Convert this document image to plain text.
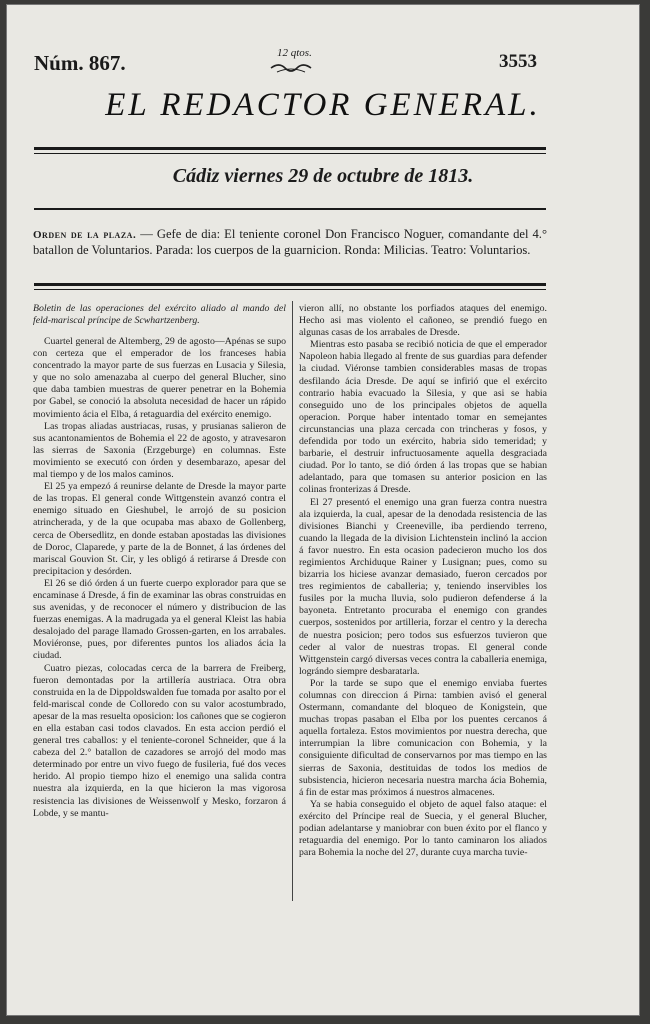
Núm. 867.	12 qtos.	3553
EL REDACTOR GENERAL.
Cádiz viernes 29 de octubre de 1813.
Orden de la plaza. — Gefe de dia: El teniente coronel Don Francisco Noguer, comandante del 4.° batallon de Voluntarios. Parada: los cuerpos de la guarnicion. Ronda: Milicias. Teatro: Voluntarios.

Boletin de las operaciones del exército aliado al mando del feld-mariscal príncipe de Scwhartzenberg.

Cuartel general de Altemberg, 29 de agosto—Apénas se supo con certeza que el emperador de los franceses habia concentrado la mayor parte de sus fuerzas en Lusacia y Silesia, y que no solo amenazaba al cuerpo del general Blucher, sino que daba tambien muestras de querer penetrar en la Bohemia por Gabel, se conoció la absoluta necesidad de hacer un rápido movimiento ácia el Elba, á retaguardia del exército enemigo.

Las tropas aliadas austriacas, rusas, y prusianas salieron de sus acantonamientos de Bohemia el 22 de agosto, y atravesaron las sierras de Saxonia (Erzgeburge) en columnas. Este movimiento se executó con órden y desembarazo, apesar del mal tiempo y de los malos caminos.

El 25 ya empezó á reunirse delante de Dresde la mayor parte de las tropas. El general conde Wittgenstein avanzó contra el enemigo situado en Gieshubel, le arrojó de su posicion atrincherada, y de la que ocupaba mas abaxo de Gollenberg, cerca de Obersedlitz, en donde estaban apostadas las divisiones de Doroc, Claparede, y parte de la de Bonnet, á las órdenes del mariscal Gouvion St. Cir, y les obligó á retirarse á Dresde con precipitacion y desórden.

El 26 se dió órden á un fuerte cuerpo explorador para que se encaminase á Dresde, á fin de examinar las obras construidas en sus avenidas, y de reconocer el número y distribucion de las fuerzas enemigas. A la madrugada ya el general Kleist las habia desalojado del parage llamado Grossen-garten, en los arrabales. Moviéronse, pues, por diferentes puntos los aliados ácia la ciudad.

Cuatro piezas, colocadas cerca de la barrera de Freiberg, fueron demontadas por la artillería austriaca. Otra obra construida en la de Dippoldswalden fue tomada por asalto por el feld-mariscal conde de Colloredo con su valor acostumbrado, apesar de la mas resuelta oposicion: los cañones que se cogieron en ella estaban casi todos clavados. En esta accion perdió el general tres caballos: y el teniente-coronel Schneider, que á la cabeza del 2.° batallon de cazadores se arrojó del modo mas determinado por entre un vivo fuego de fusileria, fué dos veces herido. Al propio tiempo hizo el enemigo una salida contra nuestra ala izquierda, en la que hicieron la mas vigorosa resistencia las divisiones de Weissenwolf y Mesko, forzaron á Lobde, y se mantu-

vieron allí, no obstante los porfiados ataques del enemigo. Hecho asi mas violento el cañoneo, se prendió fuego en algunas casas de los arrabales de Dresde.

Mientras esto pasaba se recibió noticia de que el emperador Napoleon habia llegado al frente de sus guardias para defender la ciudad. Viéronse tambien considerables masas de tropas desfilando ácia Dresde. De aquí se infirió que el exército contrario habia evacuado la Silesia, y que asi se habia conseguido uno de los principales objetos de aquella operacion. Porque haber intentado tomar en semejantes circunstancias una plaza cercada con trincheras y fosos, y defendida por todo un exército, habria sido temeridad; y barbarie, el destruir infructuosamente aquella desgraciada ciudad. Por lo tanto, se dió órden á las tropas que se habian adelantado, para que tomasen su anterior posicion en las colinas fronterizas á Dresde.

El 27 presentó el enemigo una gran fuerza contra nuestra ala izquierda, la cual, apesar de la denodada resistencia de las divisiones Bianchi y Creeneville, iba perdiendo terreno, cuando la llegada de la division Lichtenstein inclinó la accion á favor nuestro. En esta ocasion padecieron mucho los dos regimientos Archiduque Rainer y Lusignan; pues, como su bizarria los hiciese avanzar demasiado, fueron cercados por tres regimientos de caballeria; y, teniendo inservibles los fusiles por la mucha lluvia, solo pudieron defenderse á la bayoneta. Entretanto procuraba el enemigo con grandes cuerpos, sostenidos por artilleria, forzar el centro y la derecha de nuestra posicion; pero todos sus esfuerzos tuvieron que ceder al valor de nuestras tropas. El general conde Wittgenstein cargó diversas veces contra la caballeria enemiga, lográndo siempre desbaratarla.

Por la tarde se supo que el enemigo enviaba fuertes columnas con direccion á Pirna: tambien avisó el general Ostermann, comandante del bloqueo de Konigstein, que muchas tropas pasaban el Elba por los puentes cercanos á aquella fortaleza. Estos movimientos por nuestra derecha, que interrumpian la libre comunicacion con Bohemia, y la consiguiente dificultad de conservarnos por mas tiempo en las sierras de Saxonia, destituidas de todos los medios de subsistencia, hicieron necesaria nuestra marcha ácia Bohemia, á fin de estar mas próximos á nuestros almacenes.

Ya se habia conseguido el objeto de aquel falso ataque: el exército del Príncipe real de Suecia, y el general Blucher, podian adelantarse y maniobrar con buen éxito por el flanco y retaguardia del enemigo. Por lo tanto caminaron los aliados para Bohemia la noche del 27, durante cuya marcha tuvie-
